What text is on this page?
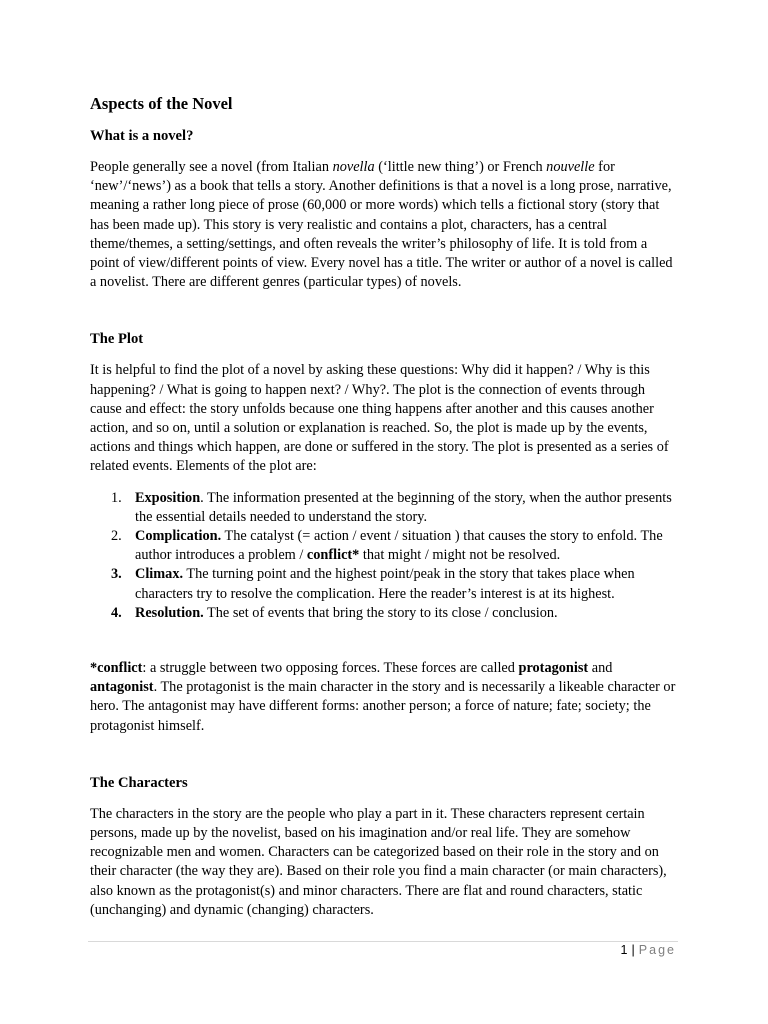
Aspects of the Novel
What is a novel?

People generally see a novel (from Italian novella (‘little new thing’) or French nouvelle for ‘new’/‘news’) as a book that tells a story. Another definitions is that a novel is a long prose, narrative, meaning a rather long piece of prose (60,000 or more words) which tells a fictional story (story that has been made up). This story is very realistic and contains a plot, characters, has a central theme/themes, a setting/settings, and often reveals the writer’s philosophy of life. It is told from a point of view/different points of view. Every novel has a title. The writer or author of a novel is called a novelist. There are different genres (particular types) of novels.

The Plot

It is helpful to find the plot of a novel by asking these questions: Why did it happen? / Why is this happening? / What is going to happen next? / Why?. The plot is the connection of events through cause and effect: the story unfolds because one thing happens after another and this causes another action, and so on, until a solution or explanation is reached. So, the plot is made up by the events, actions and things which happen, are done or suffered in the story. The plot is presented as a series of related events. Elements of the plot are:

1. Exposition. The information presented at the beginning of the story, when the author presents the essential details needed to understand the story.
2. Complication. The catalyst (= action / event / situation ) that causes the story to enfold. The author introduces a problem / conflict* that might / might not be resolved.
3. Climax. The turning point and the highest point/peak in the story that takes place when characters try to resolve the complication. Here the reader’s interest is at its highest.
4. Resolution. The set of events that bring the story to its close / conclusion.

*conflict: a struggle between two opposing forces. These forces are called protagonist and antagonist. The protagonist is the main character in the story and is necessarily a likeable character or hero. The antagonist may have different forms: another person; a force of nature; fate; society; the protagonist himself.

The Characters

The characters in the story are the people who play a part in it. These characters represent certain persons, made up by the novelist, based on his imagination and/or real life. They are somehow recognizable men and women. Characters can be categorized based on their role in the story and on their character (the way they are). Based on their role you find a main character (or main characters), also known as the protagonist(s) and minor characters. There are flat and round characters, static (unchanging) and dynamic (changing) characters.

1 | Page
